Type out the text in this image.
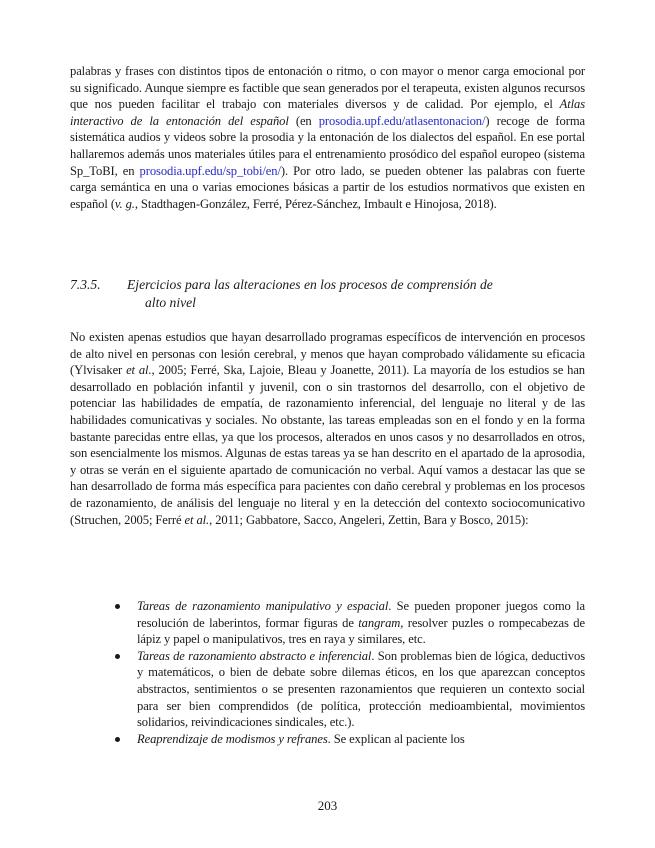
palabras y frases con distintos tipos de entonación o ritmo, o con mayor o menor carga emocional por su significado. Aunque siempre es factible que sean generados por el terapeuta, existen algunos recursos que nos pueden facilitar el trabajo con materiales diversos y de calidad. Por ejemplo, el Atlas interactivo de la entonación del español (en prosodia.upf.edu/atlasentonacion/) recoge de forma sistemática audios y videos sobre la prosodia y la entonación de los dialectos del español. En ese portal hallaremos además unos materiales útiles para el entrenamiento prosódico del español europeo (sistema Sp_ToBI, en prosodia.upf.edu/sp_tobi/en/). Por otro lado, se pueden obtener las palabras con fuerte carga semántica en una o varias emociones básicas a partir de los estudios normativos que existen en español (v. g., Stadthagen-González, Ferré, Pérez-Sánchez, Imbault e Hinojosa, 2018).

7.3.5.	Ejercicios para las alteraciones en los procesos de comprensión de
alto nivel

No existen apenas estudios que hayan desarrollado programas específicos de intervención en procesos de alto nivel en personas con lesión cerebral, y menos que hayan comprobado válidamente su eficacia (Ylvisaker et al., 2005; Ferré, Ska, Lajoie, Bleau y Joanette, 2011). La mayoría de los estudios se han desarrollado en población infantil y juvenil, con o sin trastornos del desarrollo, con el objetivo de potenciar las habilidades de empatía, de razonamiento inferencial, del lenguaje no literal y de las habilidades comunicativas y sociales. No obstante, las tareas empleadas son en el fondo y en la forma bastante parecidas entre ellas, ya que los procesos, alterados en unos casos y no desarrollados en otros, son esencialmente los mismos. Algunas de estas tareas ya se han descrito en el apartado de la aprosodia, y otras se verán en el siguiente apartado de comunicación no verbal. Aquí vamos a destacar las que se han desarrollado de forma más específica para pacientes con daño cerebral y problemas en los procesos de razonamiento, de análisis del lenguaje no literal y en la detección del contexto sociocomunicativo (Struchen, 2005; Ferré et al., 2011; Gabbatore, Sacco, Angeleri, Zettin, Bara y Bosco, 2015):

Tareas de razonamiento manipulativo y espacial. Se pueden proponer juegos como la resolución de laberintos, formar figuras de tangram, resolver puzles o rompecabezas de lápiz y papel o manipulativos, tres en raya y similares, etc.
Tareas de razonamiento abstracto e inferencial. Son problemas bien de lógica, deductivos y matemáticos, o bien de debate sobre dilemas éticos, en los que aparezcan conceptos abstractos, sentimientos o se presenten razonamientos que requieren un contexto social para ser bien comprendidos (de política, protección medioambiental, movimientos solidarios, reivindicaciones sindicales, etc.).
Reaprendizaje de modismos y refranes. Se explican al paciente los
203
